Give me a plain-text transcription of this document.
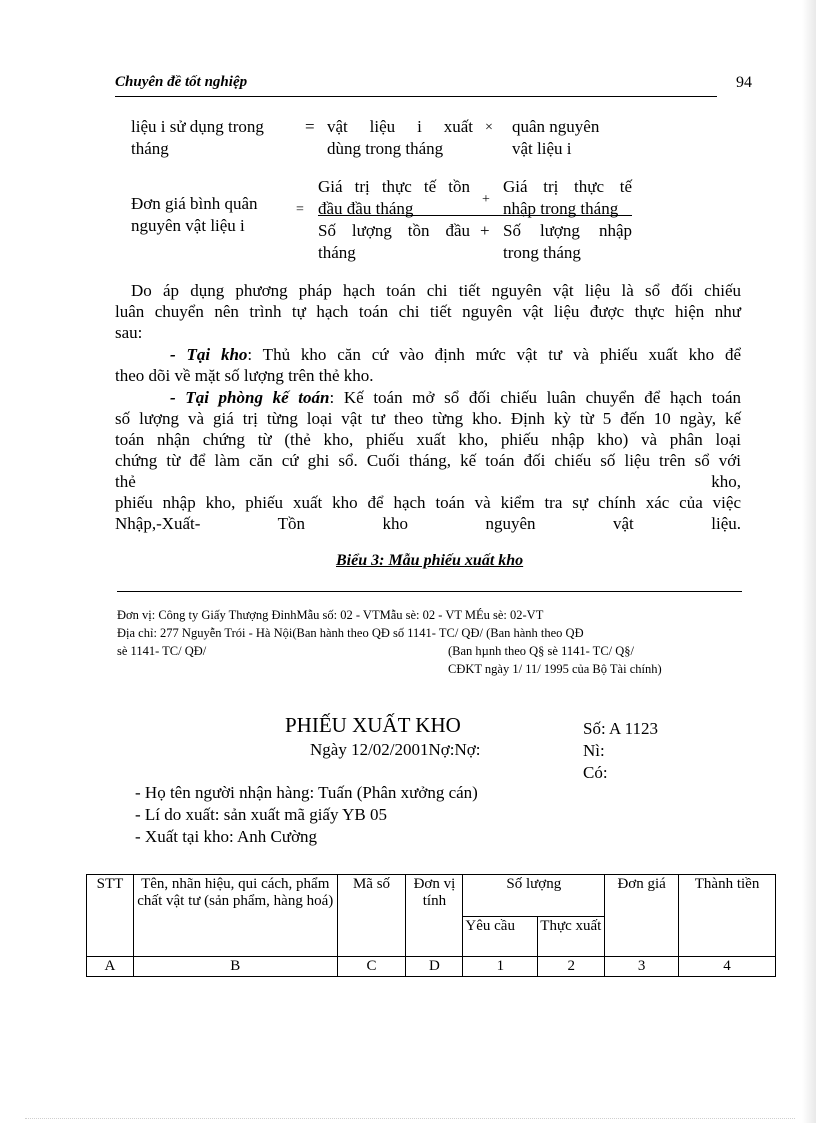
Chuyên đề tốt nghiệp	94
liệu i sử dụng trong
tháng
= vật liệu i xuất
dùng trong tháng
× quân nguyên
vật liệu i
Đơn giá bình quân
nguyên vật liệu i
=
Giá trị thực tế tồn
đầu đầu tháng	+
Giá trị thực tế
nhập trong tháng
Số lượng tồn đầu
tháng
+ Số lượng nhập
trong tháng
Do áp dụng phương pháp hạch toán chi tiết nguyên vật liệu là sổ đối chiếu
luân chuyển nên trình tự hạch toán chi tiết nguyên vật liệu được thực hiện như
sau:
- Tại kho: Thủ kho căn cứ vào định mức vật tư và phiếu xuất kho để
theo dõi về mặt số lượng trên thẻ kho.
- Tại phòng kế toán: Kế toán mở sổ đối chiếu luân chuyển để hạch toán
số lượng và giá trị từng loại vật tư theo từng kho. Định kỳ từ 5 đến 10 ngày, kế
toán nhận chứng từ (thẻ kho, phiếu xuất kho, phiếu nhập kho) và phân loại
chứng từ để làm căn cứ ghi sổ. Cuối tháng, kế toán đối chiếu số liệu trên sổ với
thẻ kho,
phiếu nhập kho, phiếu xuất kho để hạch toán và kiểm tra sự chính xác của việc
Nhập,-Xuất- Tồn kho nguyên vật liệu.
Biểu 3: Mẫu phiếu xuất kho
Đơn vị: Công ty Giấy Thượng ĐỉnhMẫu số: 02 - VTMẫu sè: 02 - VT MÉu sè: 02-VT
Địa chỉ: 277 Nguyễn Trói - Hà Nội(Ban hành theo QĐ số 1141- TC/ QĐ/ (Ban hành theo QĐ
sè 1141- TC/ QĐ/	(Ban hµnh theo Q§ sè 1141- TC/ Q§/
CĐKT ngày 1/ 11/ 1995 của Bộ Tài chính)
PHIẾU XUẤT KHO
Ngày 12/02/2001Nợ:Nợ:
Số: A 1123
Nì:
Có:
- Họ tên người nhận hàng: Tuấn (Phân xưởng cán)
- Lí do xuất: sản xuất mã giấy YB 05
- Xuất tại kho: Anh Cường
STT	Tên, nhãn hiệu, qui cách, phẩm chất vật tư (sản phẩm, hàng hoá)	Mã số	Đơn vị tính	Số lượng		Đơn giá	Thành tiền
				Yêu cầu	Thực xuất		
A	B	C	D	1	2	3	4
